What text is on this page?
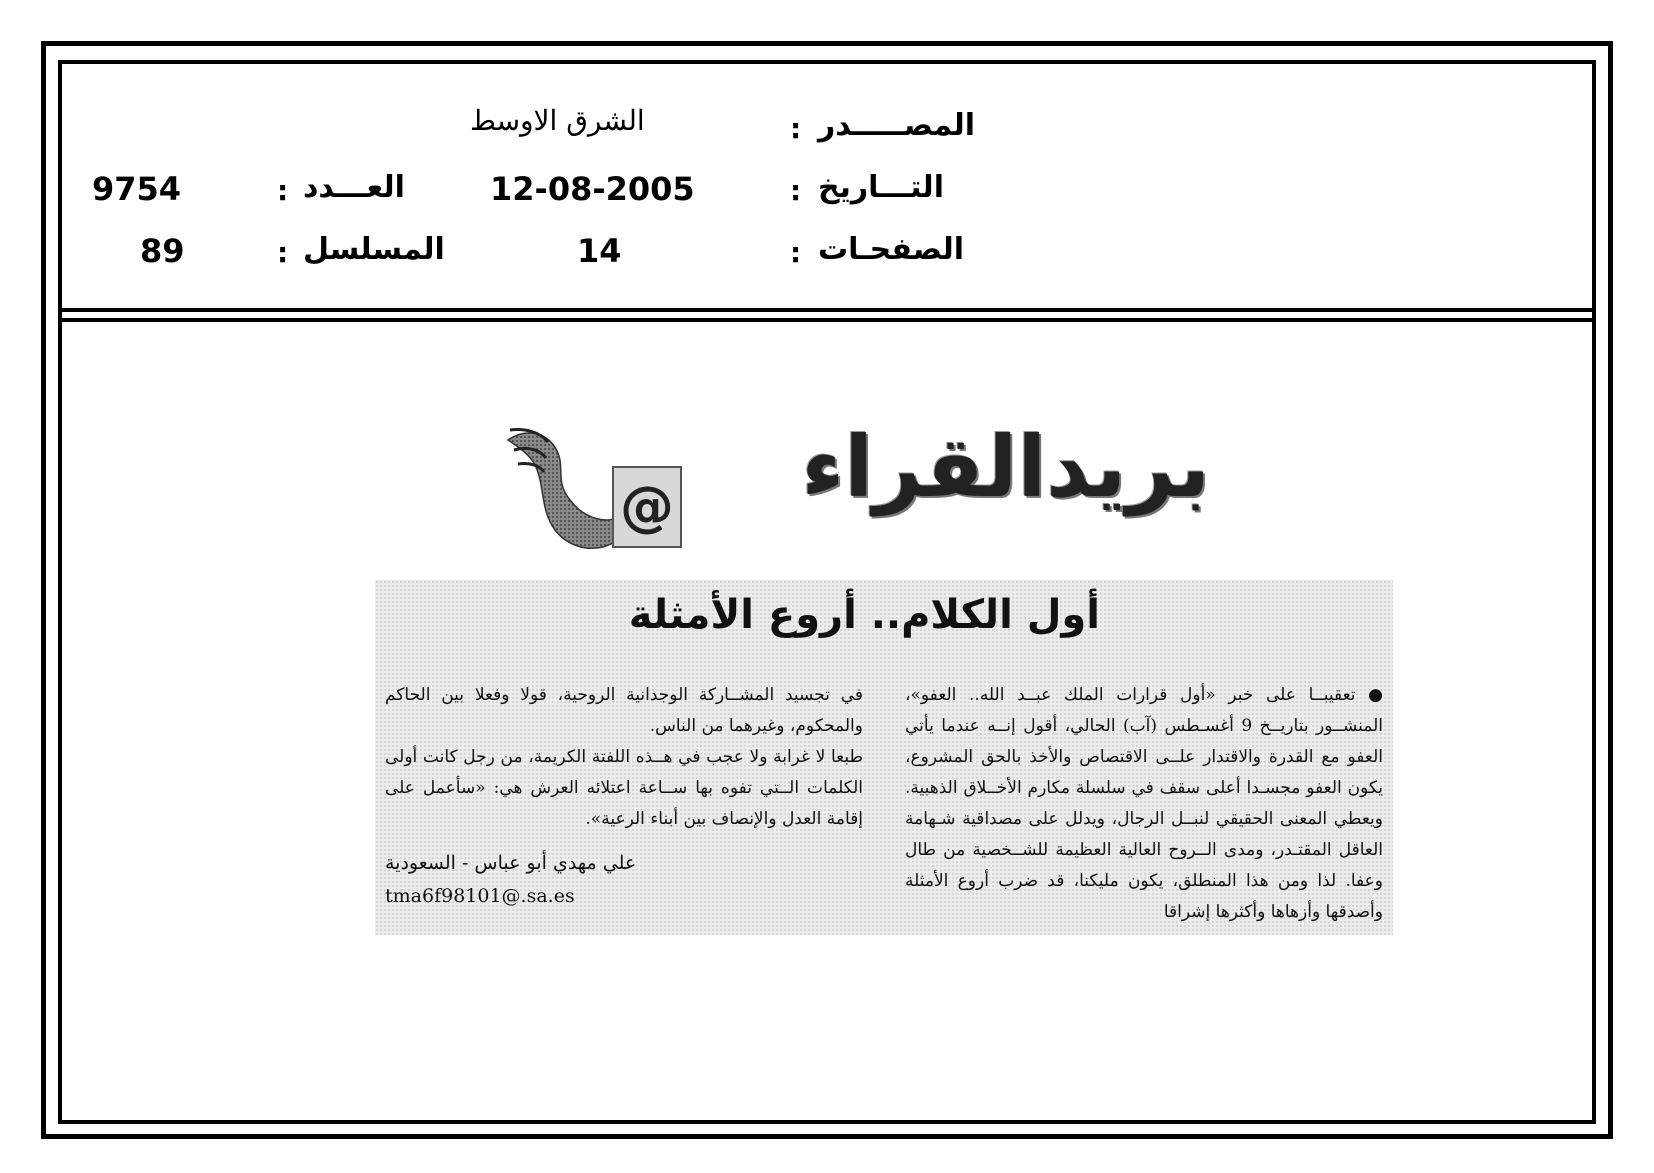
المصـــــدر
:
الشرق الاوسط
التـــاريخ
:
12-08-2005
الصفحـات
:
14
العـــدد
:
9754
المسلسل
:
89
بريدالقراء
@
أول الكلام.. أروع الأمثلة

● تعقيبــا على خبر «أول قرارات الملك عبــد الله.. العفو»، المنشــور بتاريــخ 9 أغسـطس (آب) الحالي، أقول إنــه عندما يأتي العفو مع القدرة والاقتدار علــى الاقتصاص والأخذ بالحق المشروع، يكون العفو مجسـدا أعلى سقف في سلسلة مكارم الأخــلاق الذهبية. ويعطي المعنى الحقيقي لنبــل الرجال، ويدلل على مصداقية شـهامة العاقل المقتـدر، ومدى الــروح العالية العظيمة للشــخصية من طال وعفا. لذا ومن هذا المنطلق، يكون مليكنا، قد ضرب أروع الأمثلة وأصدقها وأزهاها وأكثرها إشراقا

في تجسيد المشــاركة الوجدانية الروحية، قولا وفعلا بين الحاكم والمحكوم، وغيرهما من الناس.

طبعا لا غرابة ولا عجب في هــذه اللفتة الكريمة، من رجل كانت أولى الكلمات الــتي تفوه بها ســاعة اعتلائه العرش هي: «سأعمل على إقامة العدل والإنصاف بين أبناء الرعية».

علي مهدي أبو عباس - السعودية
tma6f98101@.sa.es
